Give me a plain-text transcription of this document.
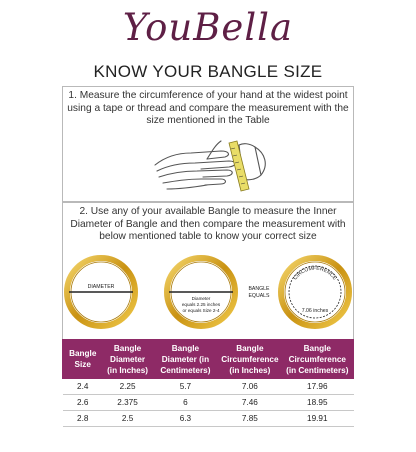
YouBella
KNOW YOUR BANGLE SIZE
1. Measure the circumference of your hand at the widest point using a tape or thread and compare the measurement with the size mentioned in the Table
2. Use any of your available Bangle to measure the Inner Diameter of Bangle and then compare the measurement with below mentioned table to know your correct size
DIAMETER
Diameter
equals 2.25 inches
or equals Size 2-4
BANGLE
EQUALS
CIRCUMFERENCE
7.06 inches
Bangle Size	Bangle Diameter (in Inches)	Bangle Diameter (in Centimeters)	Bangle Circumference (in Inches)	Bangle Circumference (in Centimeters)
2.4	2.25	5.7	7.06	17.96
2.6	2.375	6	7.46	18.95
2.8	2.5	6.3	7.85	19.91
